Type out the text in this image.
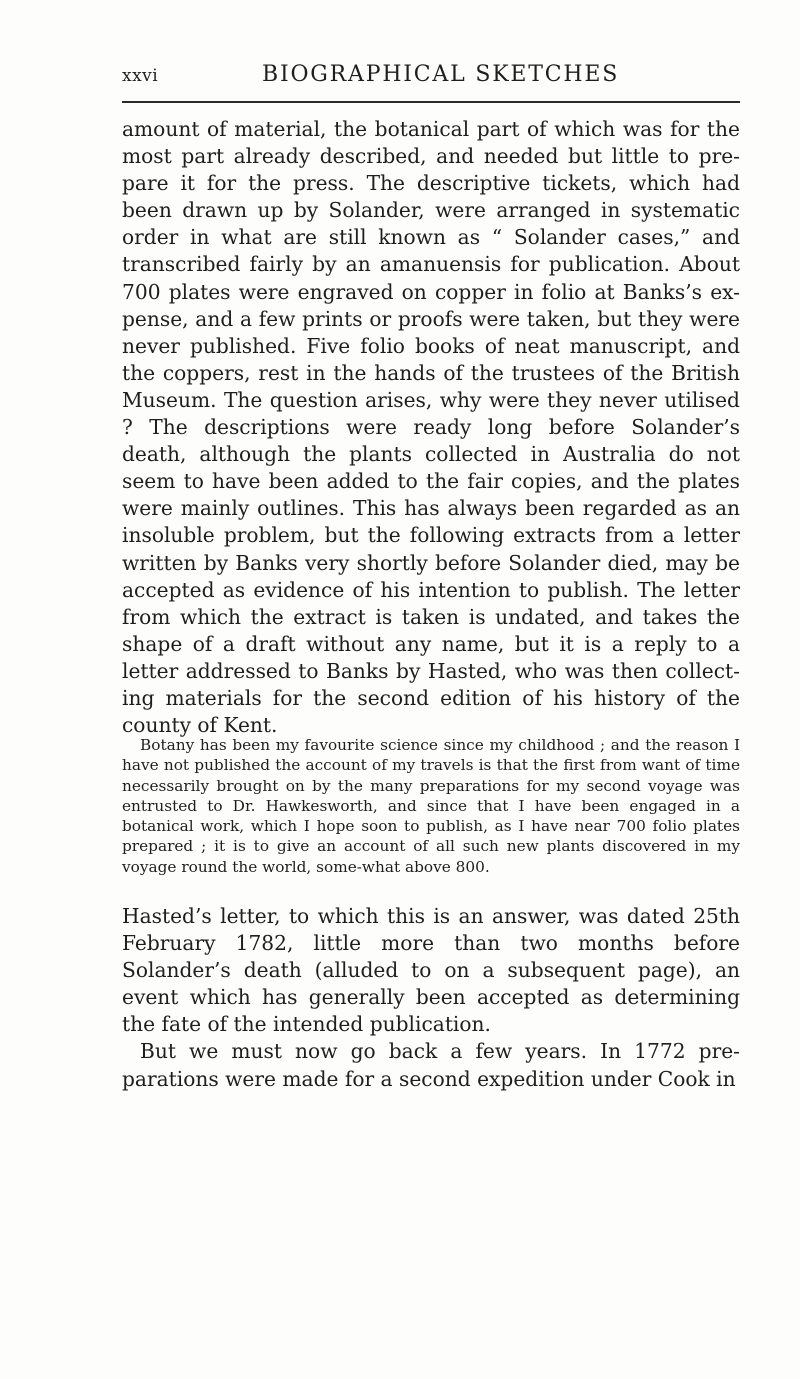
xxvi	BIOGRAPHICAL SKETCHES

amount of material, the botanical part of which was for the most part already described, and needed but little to pre-pare it for the press. The descriptive tickets, which had been drawn up by Solander, were arranged in systematic order in what are still known as “ Solander cases,” and transcribed fairly by an amanuensis for publication. About 700 plates were engraved on copper in folio at Banks’s ex-pense, and a few prints or proofs were taken, but they were never published. Five folio books of neat manuscript, and the coppers, rest in the hands of the trustees of the British Museum. The question arises, why were they never utilised ? The descriptions were ready long before Solander’s death, although the plants collected in Australia do not seem to have been added to the fair copies, and the plates were mainly outlines. This has always been regarded as an insoluble problem, but the following extracts from a letter written by Banks very shortly before Solander died, may be accepted as evidence of his intention to publish. The letter from which the extract is taken is undated, and takes the shape of a draft without any name, but it is a reply to a letter addressed to Banks by Hasted, who was then collect-ing materials for the second edition of his history of the county of Kent.

Botany has been my favourite science since my childhood ; and the reason I have not published the account of my travels is that the first from want of time necessarily brought on by the many preparations for my second voyage was entrusted to Dr. Hawkesworth, and since that I have been engaged in a botanical work, which I hope soon to publish, as I have near 700 folio plates prepared ; it is to give an account of all such new plants discovered in my voyage round the world, some-what above 800.

Hasted’s letter, to which this is an answer, was dated 25th February 1782, little more than two months before Solander’s death (alluded to on a subsequent page), an event which has generally been accepted as determining the fate of the intended publication.

But we must now go back a few years. In 1772 pre-parations were made for a second expedition under Cook in
